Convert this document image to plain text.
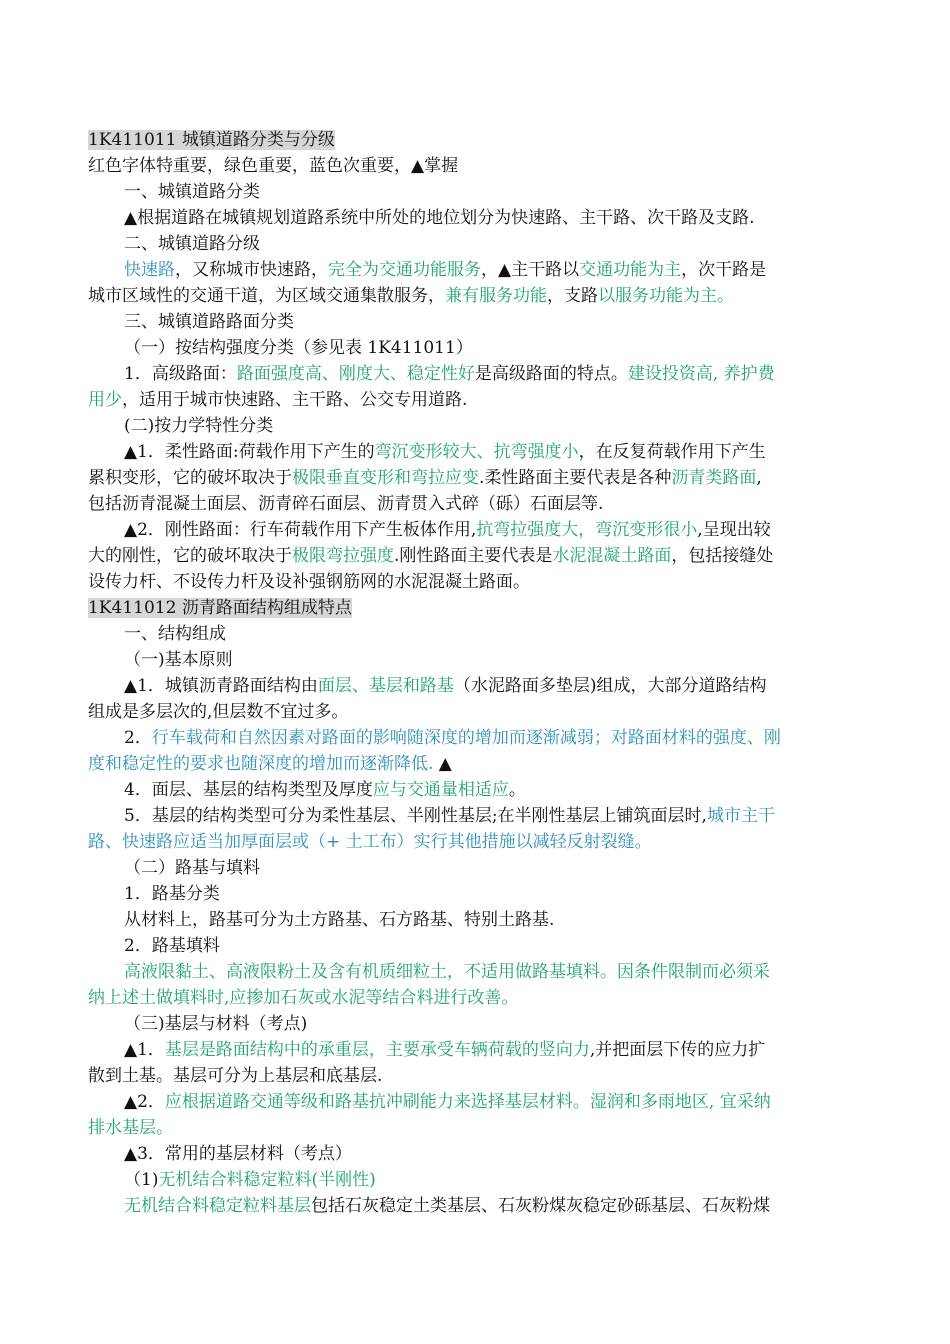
1K411011 城镇道路分类与分级
红色字体特重要，绿色重要，蓝色次重要，▲掌握
一、城镇道路分类
▲根据道路在城镇规划道路系统中所处的地位划分为快速路、主干路、次干路及支路.
二、城镇道路分级
快速路，又称城市快速路，完全为交通功能服务，▲主干路以交通功能为主，次干路是
城市区域性的交通干道，为区域交通集散服务，兼有服务功能，支路以服务功能为主。
三、城镇道路路面分类
（一）按结构强度分类（参见表 1K411011）
1．高级路面：路面强度高、刚度大、稳定性好是高级路面的特点。建设投资高, 养护费
用少，适用于城市快速路、主干路、公交专用道路.
(二)按力学特性分类
▲1．柔性路面:荷载作用下产生的弯沉变形较大、抗弯强度小，在反复荷载作用下产生
累积变形，它的破坏取决于极限垂直变形和弯拉应变.柔性路面主要代表是各种沥青类路面,
包括沥青混凝土面层、沥青碎石面层、沥青贯入式碎（砾）石面层等.
▲2．刚性路面：行车荷载作用下产生板体作用,抗弯拉强度大，弯沉变形很小,呈现出较
大的刚性，它的破坏取决于极限弯拉强度.刚性路面主要代表是水泥混凝土路面，包括接缝处
设传力杆、不设传力杆及设补强钢筋网的水泥混凝土路面。
1K411012 沥青路面结构组成特点
一、结构组成
（一)基本原则
▲1．城镇沥青路面结构由面层、基层和路基（水泥路面多垫层)组成，大部分道路结构
组成是多层次的,但层数不宜过多。
2．行车载荷和自然因素对路面的影响随深度的增加而逐渐减弱；对路面材料的强度、刚
度和稳定性的要求也随深度的增加而逐渐降低. ▲
4．面层、基层的结构类型及厚度应与交通量相适应。
5．基层的结构类型可分为柔性基层、半刚性基层;在半刚性基层上铺筑面层时,城市主干
路、快速路应适当加厚面层或（+ 土工布）实行其他措施以减轻反射裂缝。
（二）路基与填料
1．路基分类
从材料上，路基可分为土方路基、石方路基、特别土路基.
2．路基填料
高液限黏土、高液限粉土及含有机质细粒土，不适用做路基填料。因条件限制而必须采
纳上述土做填料时,应掺加石灰或水泥等结合料进行改善。
（三)基层与材料（考点)
▲1．基层是路面结构中的承重层，主要承受车辆荷载的竖向力,并把面层下传的应力扩
散到土基。基层可分为上基层和底基层.
▲2．应根据道路交通等级和路基抗冲刷能力来选择基层材料。湿润和多雨地区, 宜采纳
排水基层。
▲3．常用的基层材料（考点）
（1)无机结合料稳定粒料(半刚性)
无机结合料稳定粒料基层包括石灰稳定土类基层、石灰粉煤灰稳定砂砾基层、石灰粉煤
